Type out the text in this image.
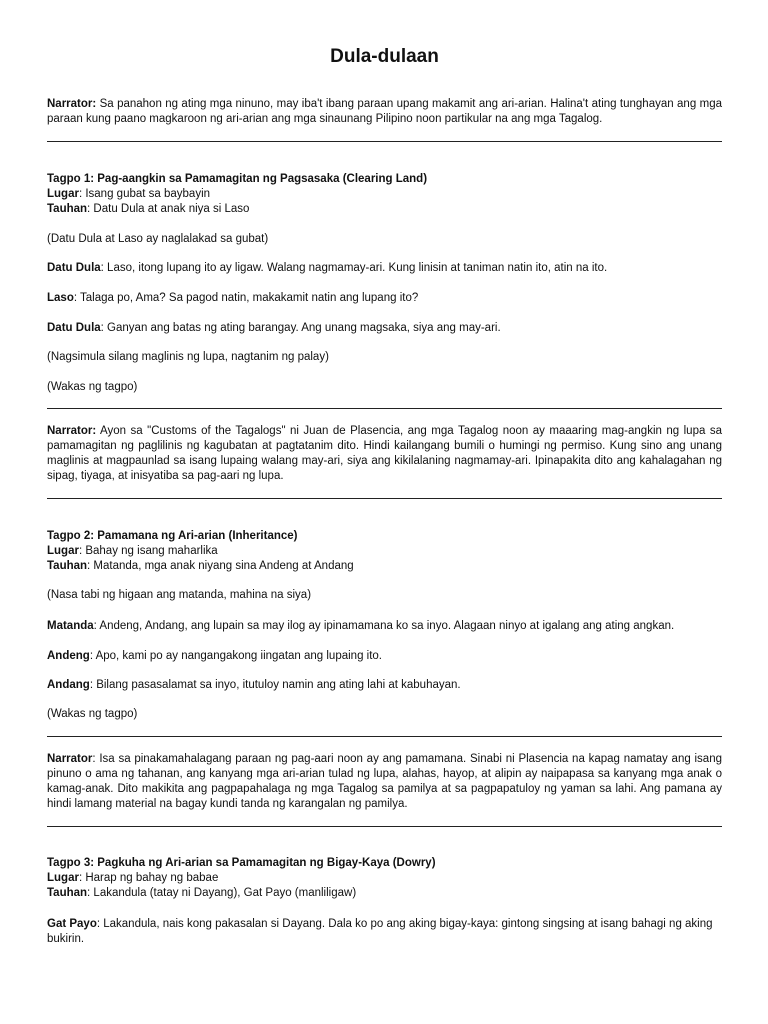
Dula-dulaan
Narrator: Sa panahon ng ating mga ninuno, may iba't ibang paraan upang makamit ang ari-arian. Halina't ating tunghayan ang mga paraan kung paano magkaroon ng ari-arian ang mga sinaunang Pilipino noon partikular na ang mga Tagalog.
Tagpo 1: Pag-aangkin sa Pamamagitan ng Pagsasaka (Clearing Land)
Lugar: Isang gubat sa baybayin
Tauhan: Datu Dula at anak niya si Laso
(Datu Dula at Laso ay naglalakad sa gubat)
Datu Dula: Laso, itong lupang ito ay ligaw. Walang nagmamay-ari. Kung linisin at taniman natin ito, atin na ito.
Laso: Talaga po, Ama? Sa pagod natin, makakamit natin ang lupang ito?
Datu Dula: Ganyan ang batas ng ating barangay. Ang unang magsaka, siya ang may-ari.
(Nagsimula silang maglinis ng lupa, nagtanim ng palay)
(Wakas ng tagpo)
Narrator: Ayon sa "Customs of the Tagalogs" ni Juan de Plasencia, ang mga Tagalog noon ay maaaring mag-angkin ng lupa sa pamamagitan ng paglilinis ng kagubatan at pagtatanim dito. Hindi kailangang bumili o humingi ng permiso. Kung sino ang unang maglinis at magpaunlad sa isang lupaing walang may-ari, siya ang kikilalaning nagmamay-ari. Ipinapakita dito ang kahalagahan ng sipag, tiyaga, at inisyatiba sa pag-aari ng lupa.
Tagpo 2: Pamamana ng Ari-arian (Inheritance)
Lugar: Bahay ng isang maharlika
Tauhan: Matanda, mga anak niyang sina Andeng at Andang
(Nasa tabi ng higaan ang matanda, mahina na siya)
Matanda: Andeng, Andang, ang lupain sa may ilog ay ipinamamana ko sa inyo. Alagaan ninyo at igalang ang ating angkan.
Andeng: Apo, kami po ay nangangakong iingatan ang lupaing ito.
Andang: Bilang pasasalamat sa inyo, itutuloy namin ang ating lahi at kabuhayan.
(Wakas ng tagpo)
Narrator: Isa sa pinakamahalagang paraan ng pag-aari noon ay ang pamamana. Sinabi ni Plasencia na kapag namatay ang isang pinuno o ama ng tahanan, ang kanyang mga ari-arian tulad ng lupa, alahas, hayop, at alipin ay naipapasa sa kanyang mga anak o kamag-anak. Dito makikita ang pagpapahalaga ng mga Tagalog sa pamilya at sa pagpapatuloy ng yaman sa lahi. Ang pamana ay hindi lamang material na bagay kundi tanda ng karangalan ng pamilya.
Tagpo 3: Pagkuha ng Ari-arian sa Pamamagitan ng Bigay-Kaya (Dowry)
Lugar: Harap ng bahay ng babae
Tauhan: Lakandula (tatay ni Dayang), Gat Payo (manliligaw)
Gat Payo: Lakandula, nais kong pakasalan si Dayang. Dala ko po ang aking bigay-kaya: gintong singsing at isang bahagi ng aking bukirin.
